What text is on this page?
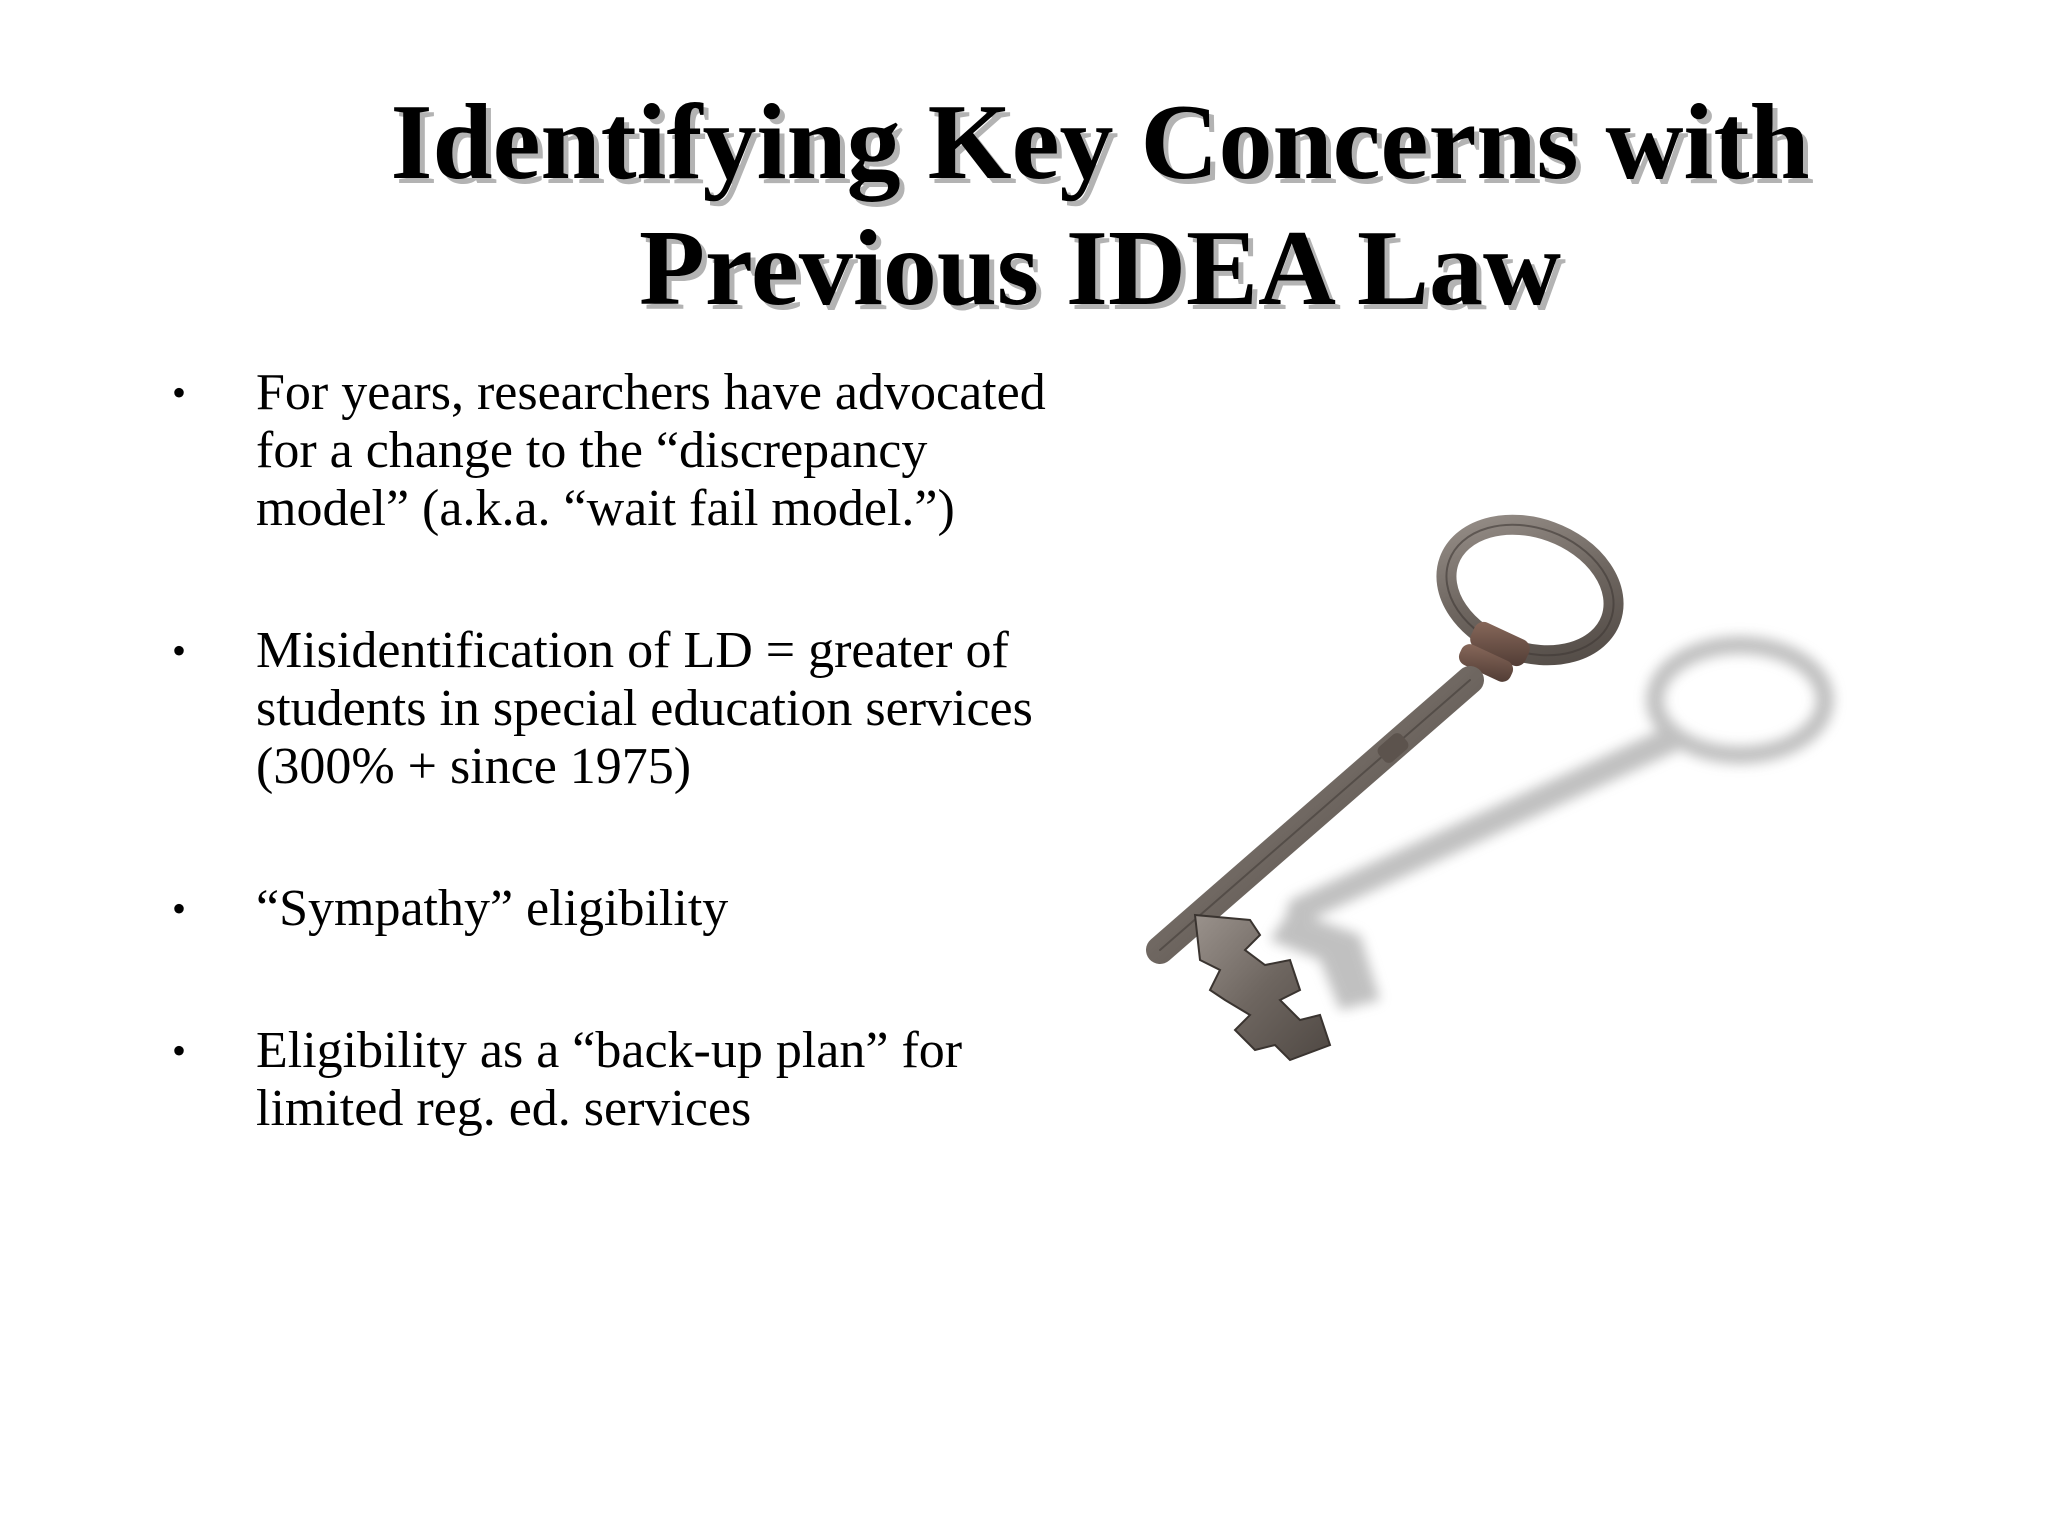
Identifying Key Concerns with
Previous IDEA Law
•	For years, researchers have advocated for a change to the “discrepancy model” (a.k.a. “wait fail model.”)
•	Misidentification of LD = greater of students in special education services (300% + since 1975)
•	“Sympathy” eligibility
•	Eligibility as a “back-up plan” for limited reg. ed. services
